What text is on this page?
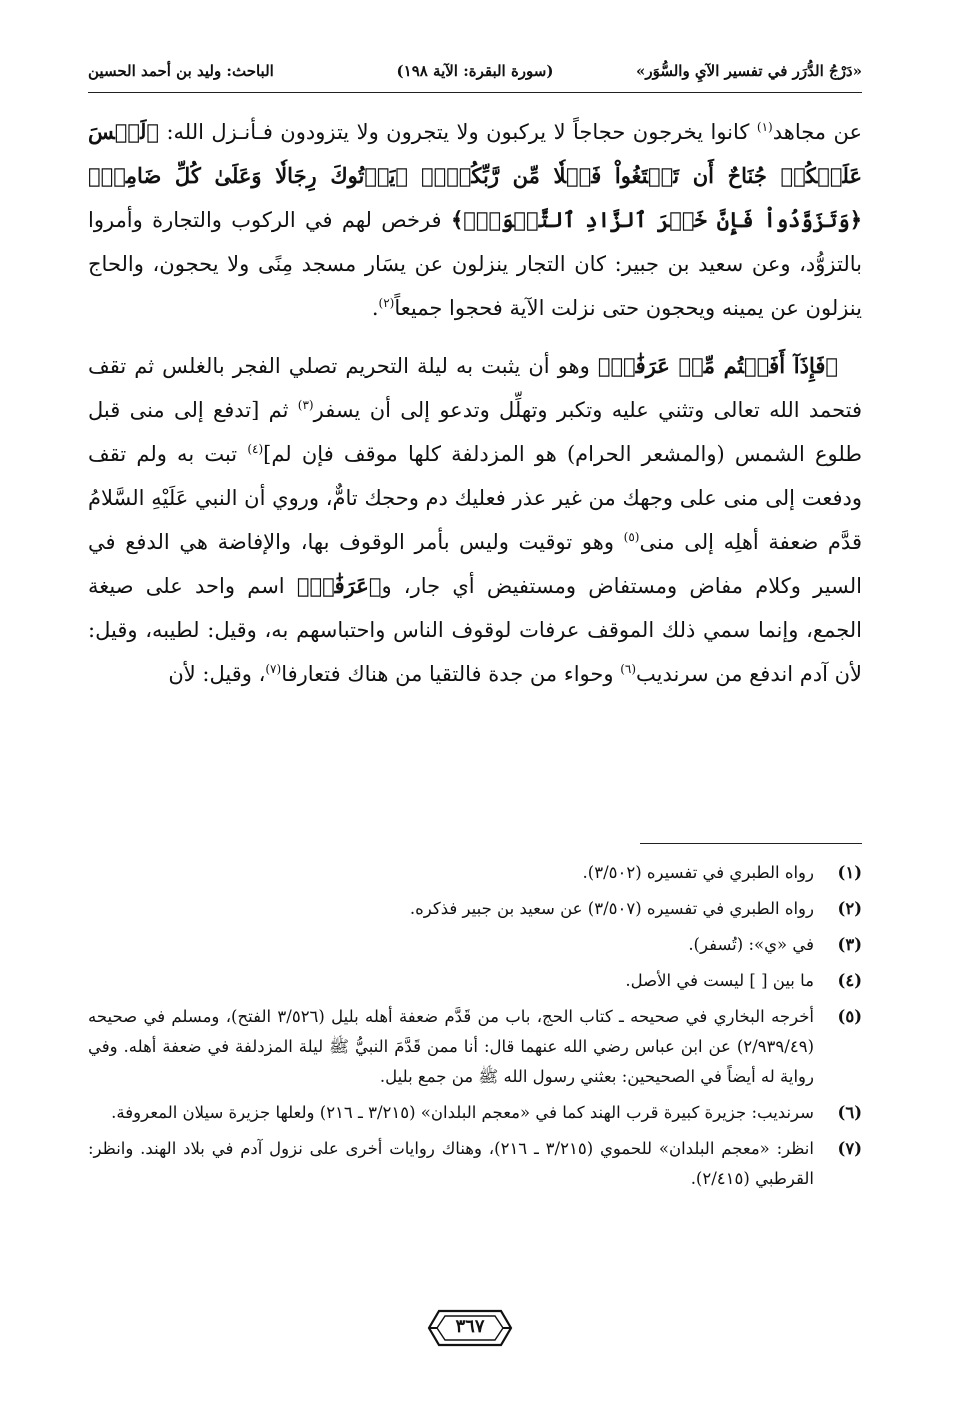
«دَرْجُ الدُّرَر في تفسير الآيِ والسُّوَر»
(سورة البقرة: الآية ١٩٨)
الباحث: وليد بن أحمد الحسين

عن مجاهد$^{(١)}$ كانوا يخرجون حجاجاً لا يركبون ولا يتجرون ولا يتزودون فـأنـزل الله: ﴿لَيۡسَ عَلَيۡكُمۡ جُنَاحٌ أَن تَبۡتَغُواْ فَضۡلٗا مِّن رَّبِّكُمۡۚ﴾ ﴿يَأۡتُوكَ رِجَالٗا وَعَلَىٰ كُلِّ ضَامِرٖ﴾ ﴿وَتَزَوَّدُواْ فَإِنَّ خَيۡرَ ٱلزَّادِ ٱلتَّقۡوَىٰۖ﴾ فرخص لهم في الركوب والتجارة وأمروا بالتزوُّد، وعن سعيد بن جبير: كان التجار ينزلون عن يسَار مسجد مِنًى ولا يحجون، والحاج ينزلون عن يمينه ويحجون حتى نزلت الآية فحجوا جميعاً$^{(٢)}$.

﴿فَإِذَآ أَفَضۡتُم مِّنۡ عَرَفَٰتٖ﴾ وهو أن يثبت به ليلة التحريم تصلي الفجر بالغلس ثم تقف فتحمد الله تعالى وتثني عليه وتكبر وتهلِّل وتدعو إلى أن يسفر$^{(٣)}$ ثم [تدفع إلى منى قبل طلوع الشمس (والمشعر الحرام) هو المزدلفة كلها موقف فإن لم]$^{(٤)}$ تبت به ولم تقف ودفعت إلى منى على وجهك من غير عذر فعليك دم وحجك تامٌّ، وروي أن النبي عَلَيْهِ السَّلامُ قدَّم ضعفة أهلِه إلى منى$^{(٥)}$ وهو توقيت وليس بأمر الوقوف بها، والإفاضة هي الدفع في السير وكلام مفاض ومستفاض ومستفيض أي جار، و﴿عَرَفَٰتٖ﴾ اسم واحد على صيغة الجمع، وإنما سمي ذلك الموقف عرفات لوقوف الناس واحتباسهم به، وقيل: لطيبه، وقيل: لأن آدم اندفع من سرنديب$^{(٦)}$ وحواء من جدة فالتقيا من هناك فتعارفا$^{(٧)}$، وقيل: لأن

(١)
رواه الطبري في تفسيره (٣/٥٠٢).
(٢)
رواه الطبري في تفسيره (٣/٥٠٧) عن سعيد بن جبير فذكره.
(٣)
في «ي»: (تُسفر).
(٤)
ما بين [ ] ليست في الأصل.
(٥)
أخرجه البخاري في صحيحه ـ كتاب الحج، باب من قَدَّم ضعفة أهله بليل (٣/٥٢٦ الفتح)، ومسلم في صحيحه (٢/٩٣٩/٤٩) عن ابن عباس رضي الله عنهما قال: أنا ممن قَدَّمَ النبيُّ ﷺ ليلة المزدلفة في ضعفة أهله. وفي رواية له أيضاً في الصحيحين: بعثني رسول الله ﷺ من جمع بليل.
(٦)
سرنديب: جزيرة كبيرة قرب الهند كما في «معجم البلدان» (٣/٢١٥ ـ ٢١٦) ولعلها جزيرة سيلان المعروفة.
(٧)
انظر: «معجم البلدان» للحموي (٣/٢١٥ ـ ٢١٦)، وهناك روايات أخرى على نزول آدم في بلاد الهند. وانظر: القرطبي (٢/٤١٥).
٣٦٧
